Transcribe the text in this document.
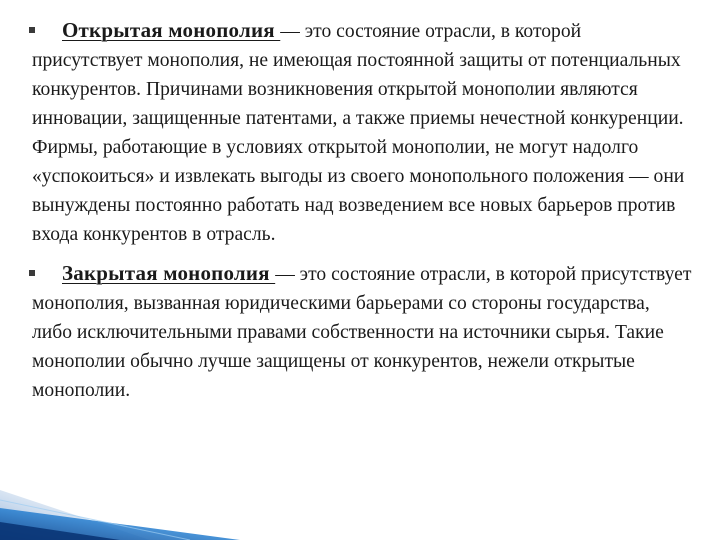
Открытая монополия — это состояние отрасли, в которой присутствует монополия, не имеющая постоянной защиты от потенциальных конкурентов. Причинами возникновения открытой монополии являются инновации, защищенные патентами, а также приемы нечестной конкуренции. Фирмы, работающие в условиях открытой монополии, не могут надолго «успокоиться» и извлекать выгоды из своего монопольного положения — они вынуждены постоянно работать над возведением все новых барьеров против входа конкурентов в отрасль.

Закрытая монополия — это состояние отрасли, в которой присутствует монополия, вызванная юридическими барьерами со стороны государства, либо исключительными правами собственности на источники сырья. Такие монополии обычно лучше защищены от конкурентов, нежели открытые монополии.
